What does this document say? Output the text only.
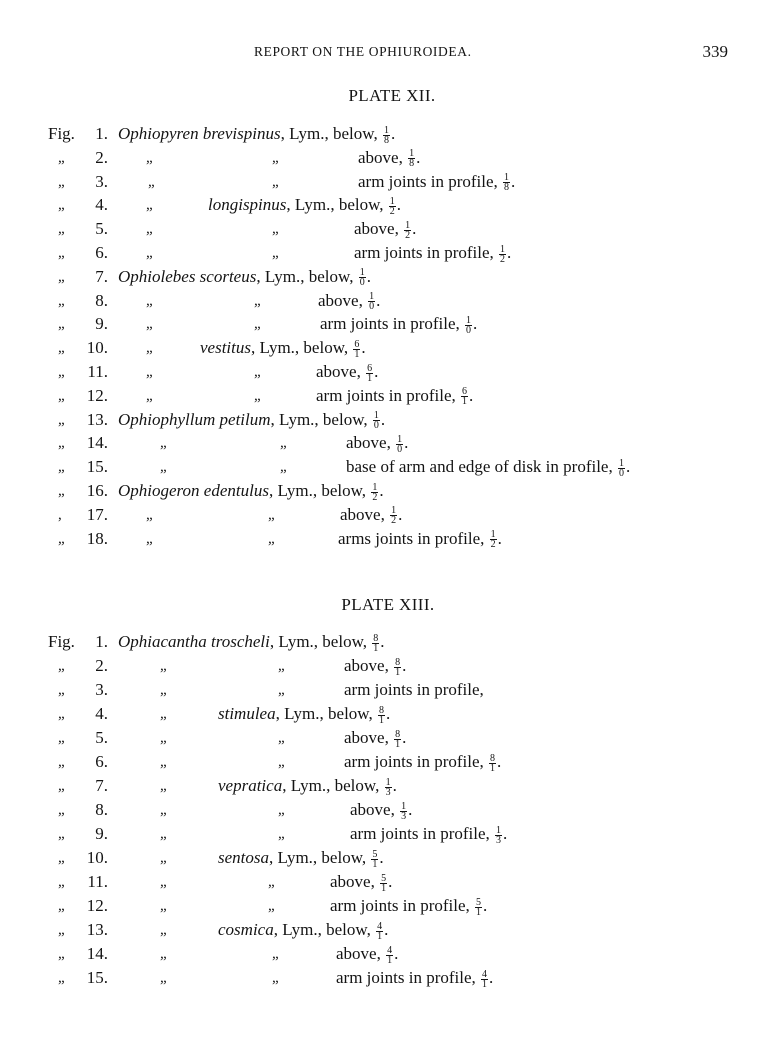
REPORT ON THE OPHIUROIDEA.	339
PLATE XII.
Fig.	1. Ophiopyren brevispinus, Lym., below, $\frac{1}{8}$ .
„	2.	„	„	above, $\frac{1}{8}$ .
„	3.	„	„	arm joints in profile, $\frac{1}{8}$ .
„	4.	„	longispinus, Lym., below, $\frac{1}{2}$ .
„	5.	„	„	above, $\frac{1}{2}$ .
„	6.	„	„	arm joints in profile, $\frac{1}{2}$ .
„	7. Ophiolebes scorteus, Lym., below, $\frac{1}{0}$ .
„	8.	„	„	above, $\frac{1}{0}$ .
„	9.	„	„	arm joints in profile, $\frac{1}{0}$ .
„	10.	„	vestitus, Lym., below, $\frac{6}{1}$ .
„	11.	„	„	above, $\frac{6}{1}$ .
„	12.	„	„	arm joints in profile, $\frac{6}{1}$ .
„	13. Ophiophyllum petilum, Lym., below, $\frac{1}{0}$ .
„	14.	„	„	above, $\frac{1}{0}$ .
„	15.	„	„	base of arm and edge of disk in profile, $\frac{1}{0}$ .
„	16. Ophiogeron edentulus, Lym., below, $\frac{1}{2}$ .
,	17.	„	„	above, $\frac{1}{2}$ .
„	18.	„	„	arms joints in profile, $\frac{1}{2}$ .
PLATE XIII.
Fig.	1. Ophiacantha troscheli, Lym., below, $\frac{8}{1}$ .
„	2.	„	„	above, $\frac{8}{1}$ .
„	3.	„	„	arm joints in profile,
„	4.	„	stimulea, Lym., below, $\frac{8}{1}$ .
„	5.	„	„	above, $\frac{8}{1}$ .
„	6.	„	„	arm joints in profile, $\frac{8}{1}$ .
„	7.	„	vepratica, Lym., below, $\frac{1}{3}$ .
„	8.	„	„	above, $\frac{1}{3}$ .
„	9.	„	„	arm joints in profile, $\frac{1}{3}$ .
„	10.	„	sentosa, Lym., below, $\frac{5}{1}$ .
„	11.	„	„	above, $\frac{5}{1}$ .
„	12.	„	„	arm joints in profile, $\frac{5}{1}$ .
„	13.	„	cosmica, Lym., below, $\frac{4}{1}$ .
„	14.	„	„	above, $\frac{4}{1}$ .
„	15.	„	„	arm joints in profile, $\frac{4}{1}$ .
